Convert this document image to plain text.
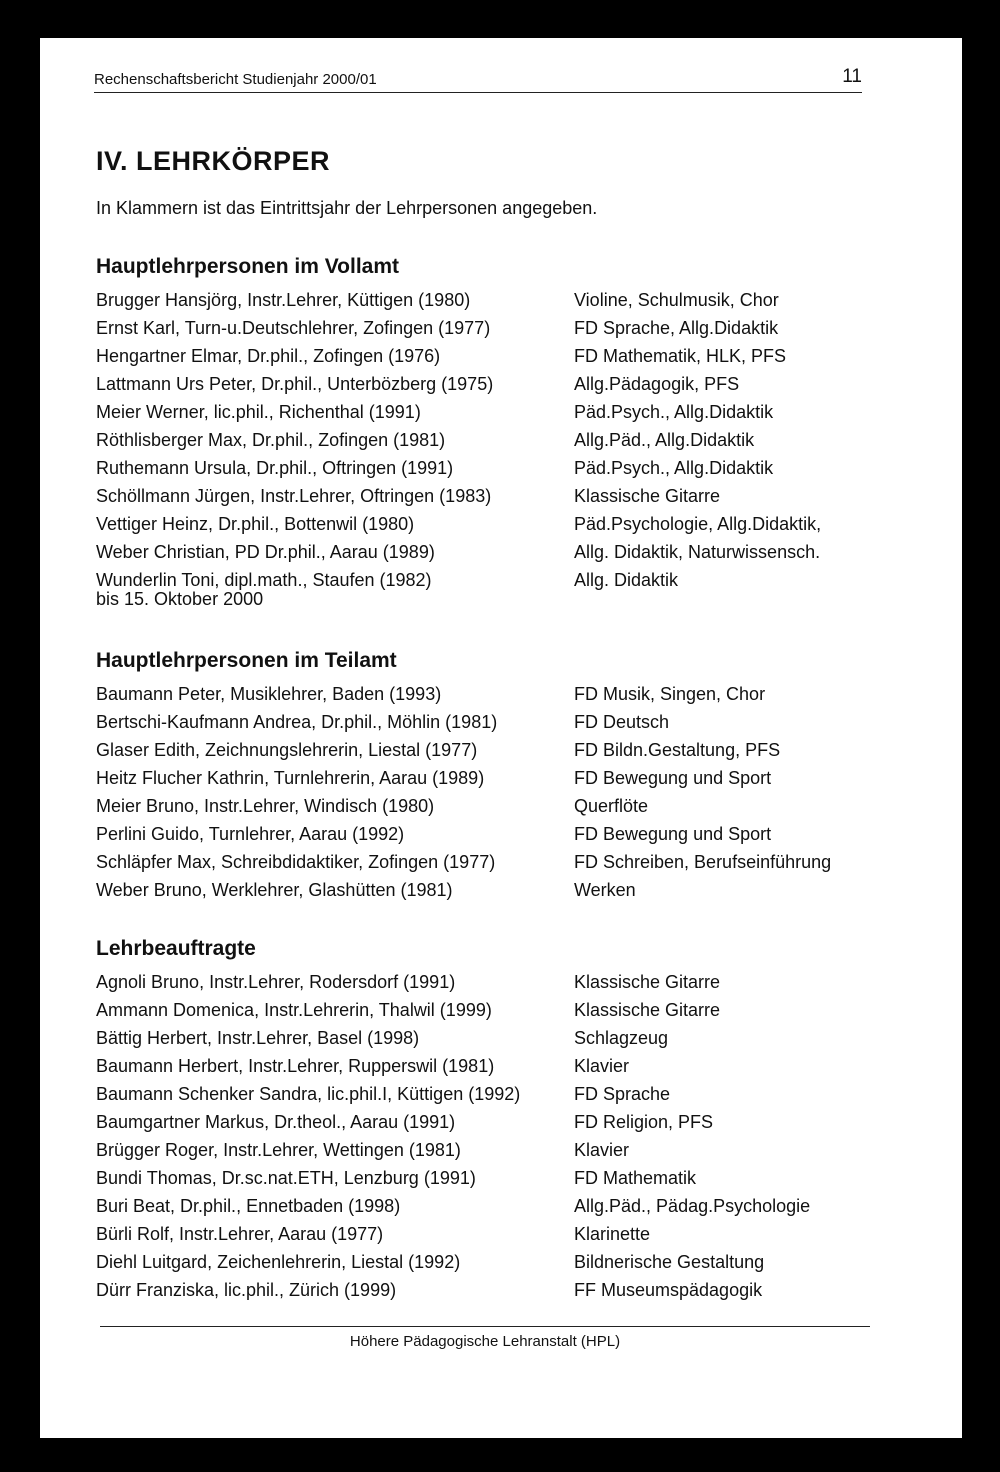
Rechenschaftsbericht Studienjahr 2000/01	11
IV. LEHRKÖRPER

In Klammern ist das Eintrittsjahr der Lehrpersonen angegeben.

Hauptlehrpersonen im Vollamt
Brugger Hansjörg, Instr.Lehrer, Küttigen (1980)	Violine, Schulmusik, Chor
Ernst Karl, Turn-u.Deutschlehrer, Zofingen (1977)	FD Sprache, Allg.Didaktik
Hengartner Elmar, Dr.phil., Zofingen (1976)	FD Mathematik, HLK, PFS
Lattmann Urs Peter, Dr.phil., Unterbözberg (1975)	Allg.Pädagogik, PFS
Meier Werner, lic.phil., Richenthal (1991)	Päd.Psych., Allg.Didaktik
Röthlisberger Max, Dr.phil., Zofingen (1981)	Allg.Päd., Allg.Didaktik
Ruthemann Ursula, Dr.phil., Oftringen (1991)	Päd.Psych., Allg.Didaktik
Schöllmann Jürgen, Instr.Lehrer, Oftringen (1983)	Klassische Gitarre
Vettiger Heinz, Dr.phil., Bottenwil (1980)	Päd.Psychologie, Allg.Didaktik,
Weber Christian, PD Dr.phil., Aarau (1989)	Allg. Didaktik, Naturwissensch.
Wunderlin Toni, dipl.math., Staufen (1982)	Allg. Didaktik
bis 15. Oktober 2000
Hauptlehrpersonen im Teilamt
Baumann Peter, Musiklehrer, Baden (1993)	FD Musik, Singen, Chor
Bertschi-Kaufmann Andrea, Dr.phil., Möhlin (1981)	FD Deutsch
Glaser Edith, Zeichnungslehrerin, Liestal (1977)	FD Bildn.Gestaltung, PFS
Heitz Flucher Kathrin, Turnlehrerin, Aarau (1989)	FD Bewegung und Sport
Meier Bruno, Instr.Lehrer, Windisch (1980)	Querflöte
Perlini Guido, Turnlehrer, Aarau (1992)	FD Bewegung und Sport
Schläpfer Max, Schreibdidaktiker, Zofingen (1977)	FD Schreiben, Berufseinführung
Weber Bruno, Werklehrer, Glashütten (1981)	Werken
Lehrbeauftragte
Agnoli Bruno, Instr.Lehrer, Rodersdorf (1991)	Klassische Gitarre
Ammann Domenica, Instr.Lehrerin, Thalwil (1999)	Klassische Gitarre
Bättig Herbert, Instr.Lehrer, Basel (1998)	Schlagzeug
Baumann Herbert, Instr.Lehrer, Rupperswil (1981)	Klavier
Baumann Schenker Sandra, lic.phil.I, Küttigen (1992)	FD Sprache
Baumgartner Markus, Dr.theol., Aarau (1991)	FD Religion, PFS
Brügger Roger, Instr.Lehrer, Wettingen (1981)	Klavier
Bundi Thomas, Dr.sc.nat.ETH, Lenzburg (1991)	FD Mathematik
Buri Beat, Dr.phil., Ennetbaden (1998)	Allg.Päd., Pädag.Psychologie
Bürli Rolf, Instr.Lehrer, Aarau (1977)	Klarinette
Diehl Luitgard, Zeichenlehrerin, Liestal (1992)	Bildnerische Gestaltung
Dürr Franziska, lic.phil., Zürich (1999)	FF Museumspädagogik
Höhere Pädagogische Lehranstalt (HPL)
